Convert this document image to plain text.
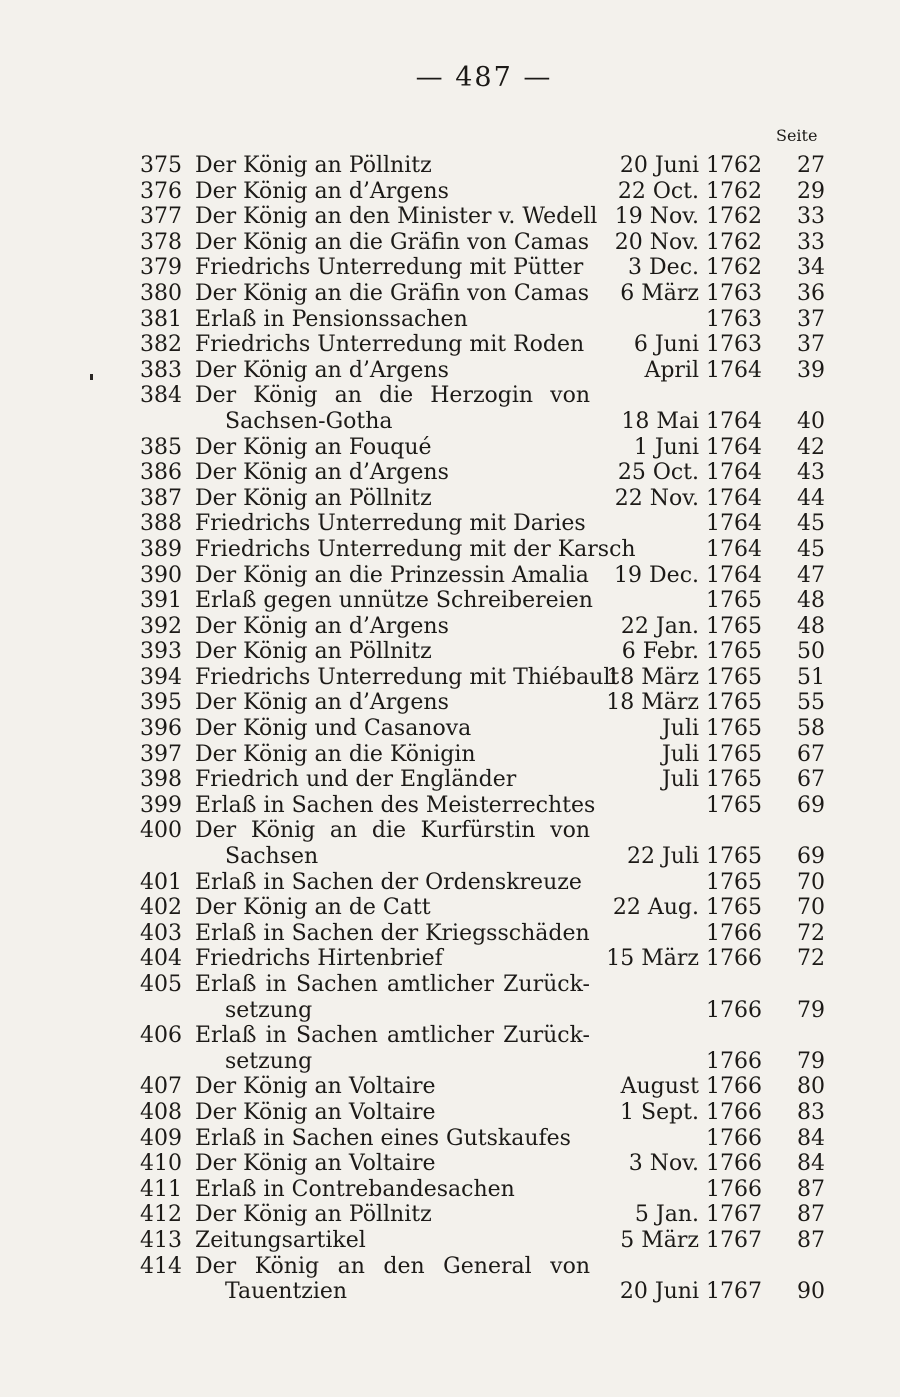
— 487 —
Seite
375 Der König an Pöllnitz	20 Juni 1762	27
376 Der König an d’Argens	22 Oct. 1762	29
377 Der König an den Minister v. Wedell 19 Nov. 1762	33
378 Der König an die Gräfin von Camas 20 Nov. 1762	33
379 Friedrichs Unterredung mit Pütter	3 Dec. 1762	34
380 Der König an die Gräfin von Camas 6 März 1763	36
381 Erlaß in Pensionssachen	1763	37
382 Friedrichs Unterredung mit Roden	6 Juni 1763	37
383 Der König an d’Argens	April 1764	39
384 Der König an die Herzogin von
Sachsen-Gotha	18 Mai 1764	40
385 Der König an Fouqué	1 Juni 1764	42
386 Der König an d’Argens	25 Oct. 1764	43
387 Der König an Pöllnitz	22 Nov. 1764	44
388 Friedrichs Unterredung mit Daries	1764	45
389 Friedrichs Unterredung mit der Karsch	1764	45
390 Der König an die Prinzessin Amalia 19 Dec. 1764	47
391 Erlaß gegen unnütze Schreibereien	1765	48
392 Der König an d’Argens	22 Jan. 1765	48
393 Der König an Pöllnitz	6 Febr. 1765	50
394 Friedrichs Unterredung mit Thiébault
18 März 1765	51
395 Der König an d’Argens	18 März 1765	55
396 Der König und Casanova	Juli 1765	58
397 Der König an die Königin	Juli 1765	67
398 Friedrich und der Engländer	Juli 1765	67
399 Erlaß in Sachen des Meisterrechtes	1765	69
400 Der König an die Kurfürstin von
Sachsen	22 Juli 1765	69
401 Erlaß in Sachen der Ordenskreuze	1765	70
402 Der König an de Catt	22 Aug. 1765	70
403 Erlaß in Sachen der Kriegsschäden	1766	72
404 Friedrichs Hirtenbrief	15 März 1766	72
405 Erlaß in Sachen amtlicher Zurück-
setzung	1766	79
406 Erlaß in Sachen amtlicher Zurück-
setzung	1766	79
407 Der König an Voltaire	August 1766	80
408 Der König an Voltaire	1 Sept. 1766	83
409 Erlaß in Sachen eines Gutskaufes	1766	84
410 Der König an Voltaire	3 Nov. 1766	84
411 Erlaß in Contrebandesachen	1766	87
412 Der König an Pöllnitz	5 Jan. 1767	87
413 Zeitungsartikel	5 März 1767	87
414 Der König an den General von
Tauentzien	20 Juni 1767	90
